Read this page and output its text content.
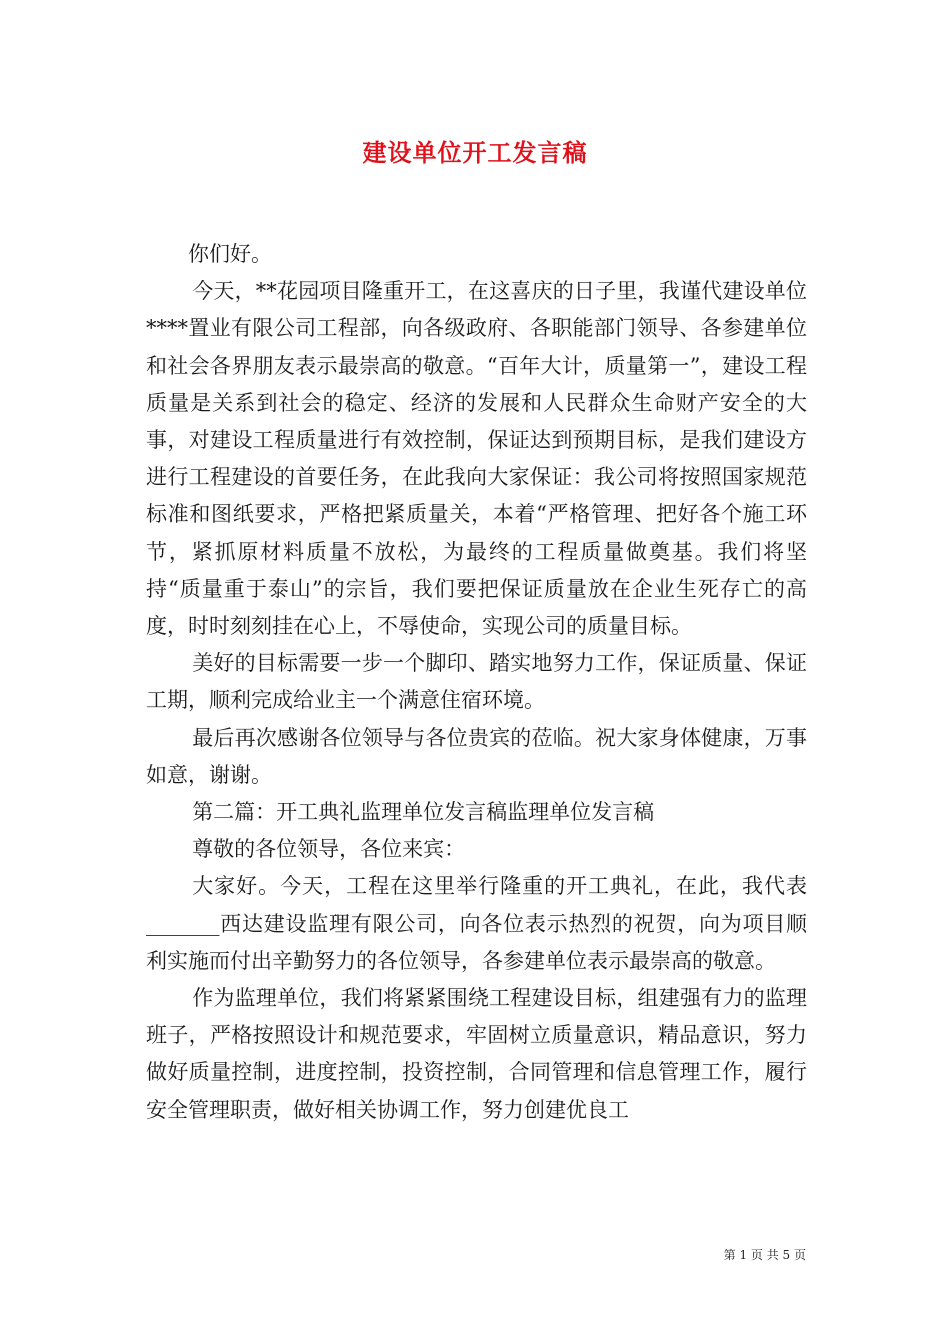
建设单位开工发言稿

你们好。

今天，**花园项目隆重开工，在这喜庆的日子里，我谨代建设单位****置业有限公司工程部，向各级政府、各职能部门领导、各参建单位和社会各界朋友表示最崇高的敬意。“百年大计，质量第一”，建设工程质量是关系到社会的稳定、经济的发展和人民群众生命财产安全的大事，对建设工程质量进行有效控制，保证达到预期目标，是我们建设方进行工程建设的首要任务，在此我向大家保证：我公司将按照国家规范标准和图纸要求，严格把紧质量关，本着“严格管理、把好各个施工环节，紧抓原材料质量不放松，为最终的工程质量做奠基。我们将坚持“质量重于泰山”的宗旨，我们要把保证质量放在企业生死存亡的高度，时时刻刻挂在心上，不辱使命，实现公司的质量目标。

美好的目标需要一步一个脚印、踏实地努力工作，保证质量、保证工期，顺利完成给业主一个满意住宿环境。

最后再次感谢各位领导与各位贵宾的莅临。祝大家身体健康，万事如意，谢谢。

第二篇：开工典礼监理单位发言稿监理单位发言稿

尊敬的各位领导，各位来宾：

大家好。今天，工程在这里举行隆重的开工典礼，在此，我代表_______西达建设监理有限公司，向各位表示热烈的祝贺，向为项目顺利实施而付出辛勤努力的各位领导，各参建单位表示最崇高的敬意。

作为监理单位，我们将紧紧围绕工程建设目标，组建强有力的监理班子，严格按照设计和规范要求，牢固树立质量意识，精品意识，努力做好质量控制，进度控制，投资控制，合同管理和信息管理工作，履行安全管理职责，做好相关协调工作，努力创建优良工

第 1 页 共 5 页
